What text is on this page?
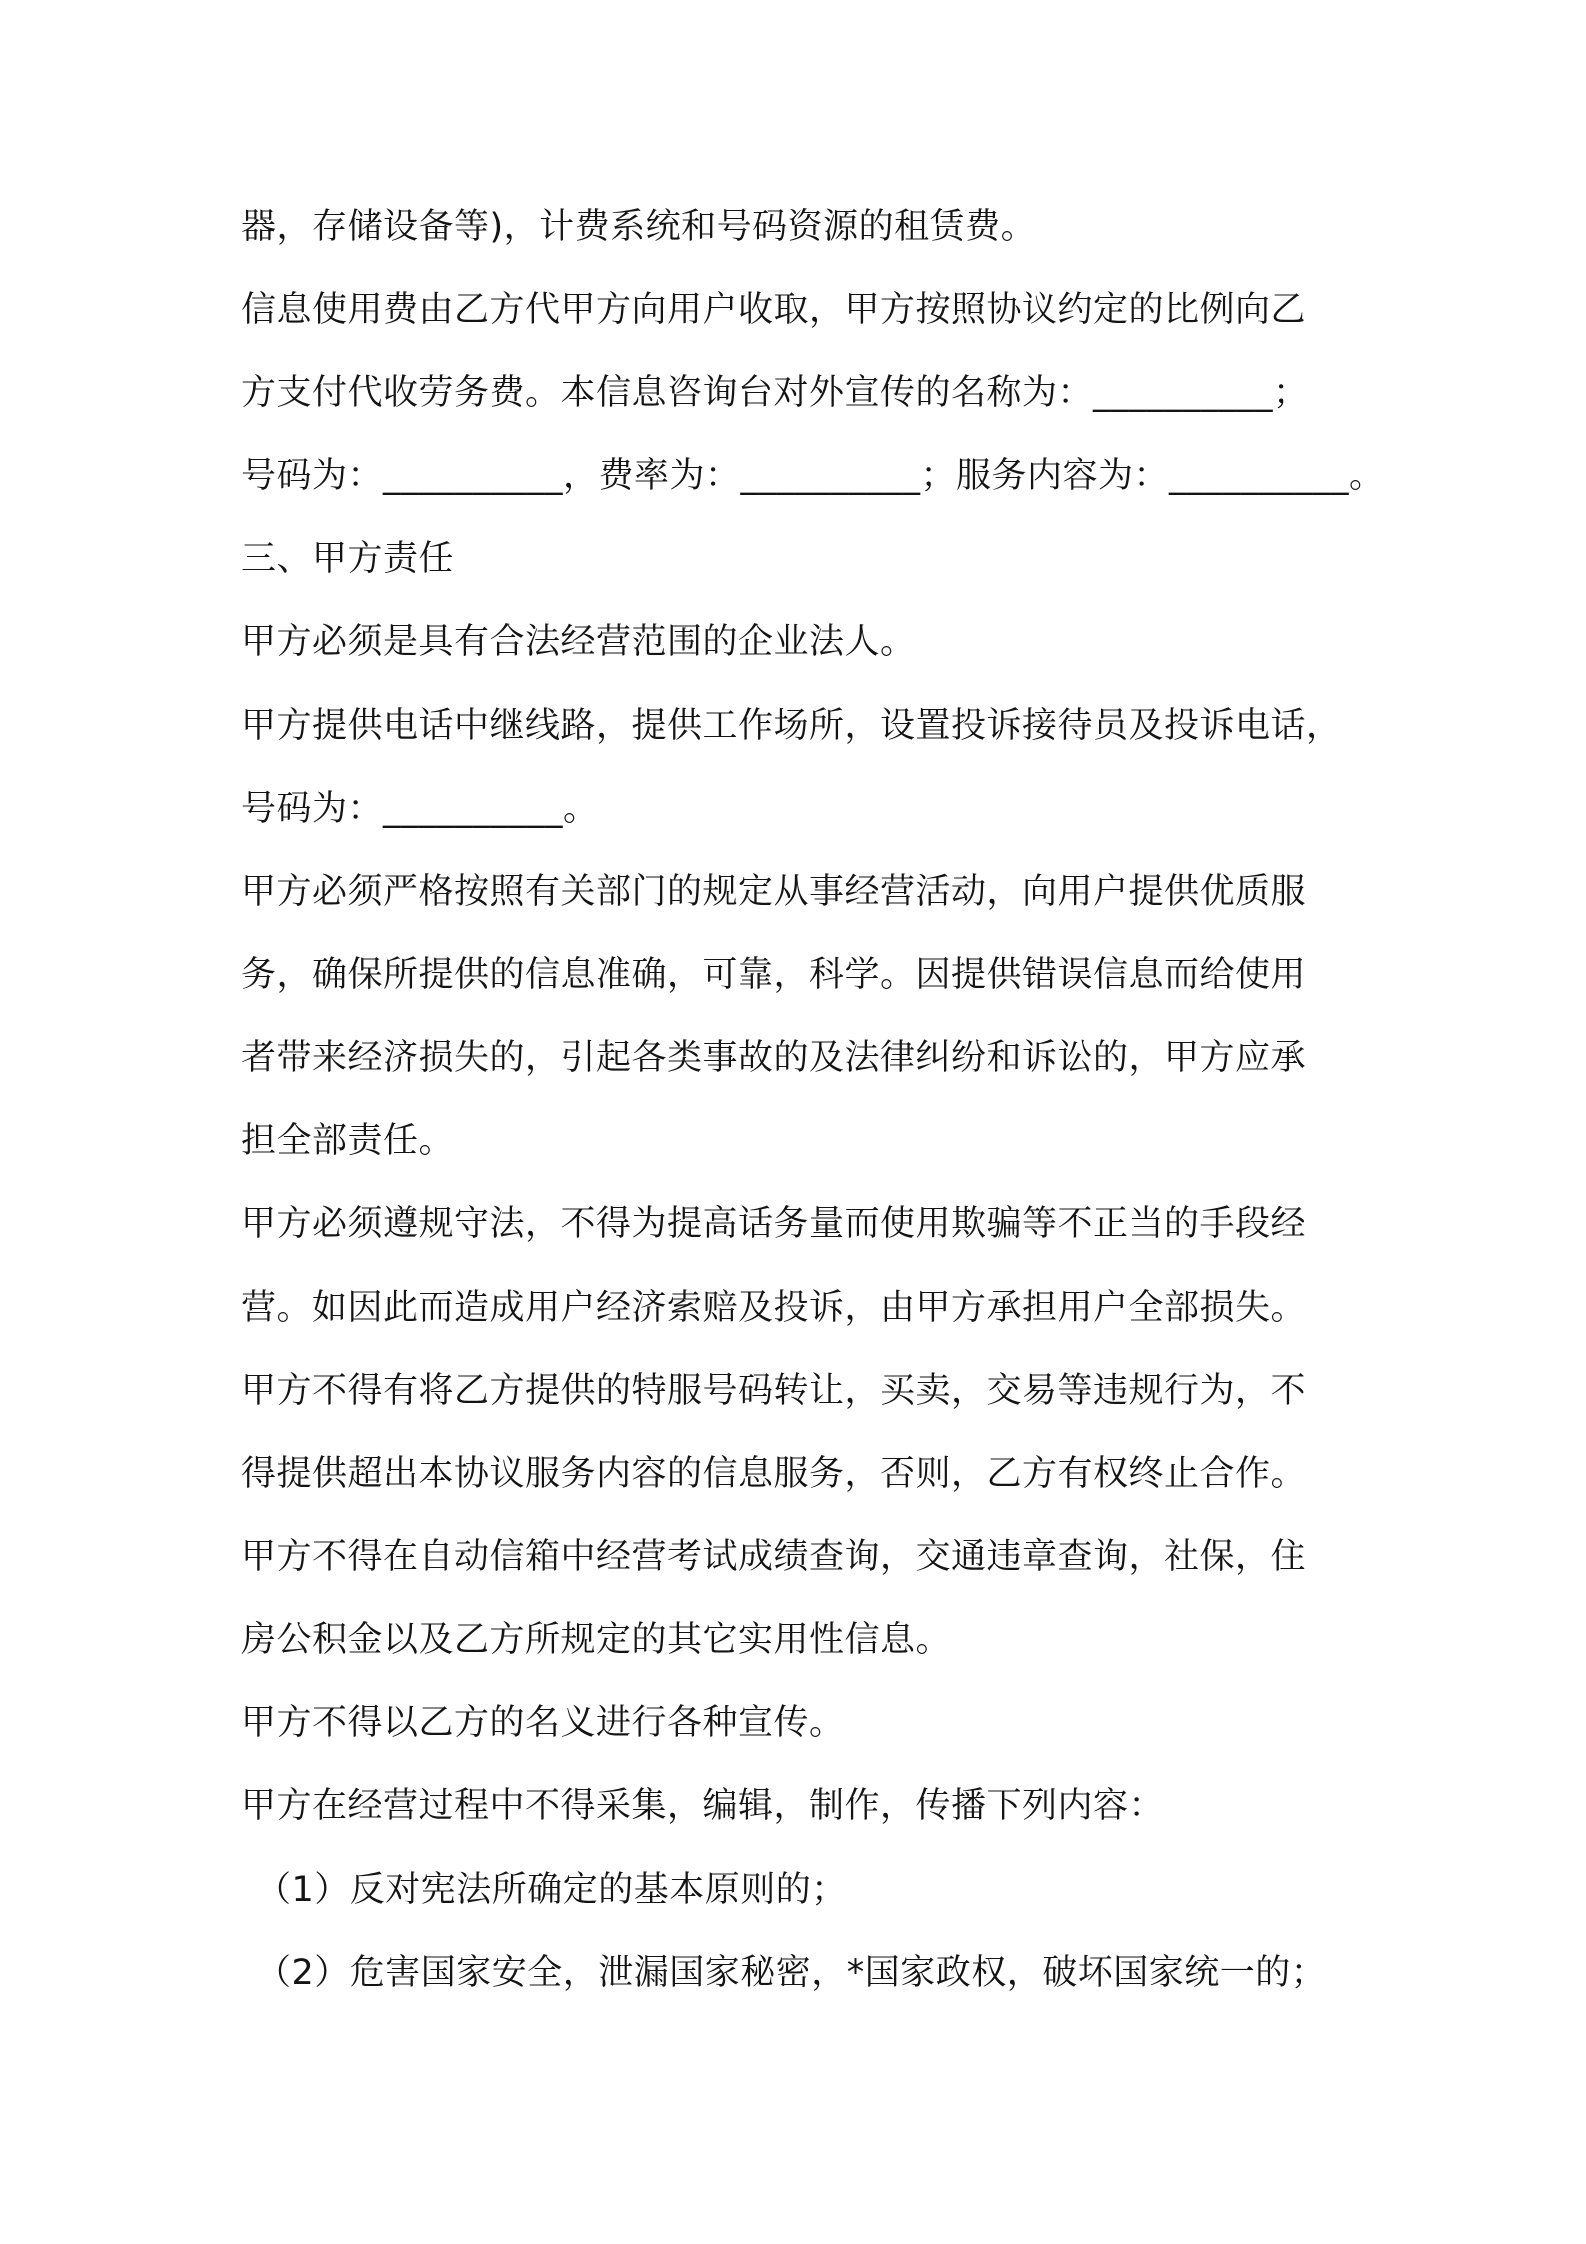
器，存储设备等)，计费系统和号码资源的租赁费。
信息使用费由乙方代甲方向用户收取，甲方按照协议约定的比例向乙
方支付代收劳务费。本信息咨询台对外宣传的名称为：__________；
号码为：__________，费率为：__________；服务内容为：__________。
三、甲方责任
甲方必须是具有合法经营范围的企业法人。
甲方提供电话中继线路，提供工作场所，设置投诉接待员及投诉电话，
号码为：__________。
甲方必须严格按照有关部门的规定从事经营活动，向用户提供优质服
务，确保所提供的信息准确，可靠，科学。因提供错误信息而给使用
者带来经济损失的，引起各类事故的及法律纠纷和诉讼的，甲方应承
担全部责任。
甲方必须遵规守法，不得为提高话务量而使用欺骗等不正当的手段经
营。如因此而造成用户经济索赔及投诉，由甲方承担用户全部损失。
甲方不得有将乙方提供的特服号码转让，买卖，交易等违规行为，不
得提供超出本协议服务内容的信息服务，否则，乙方有权终止合作。
甲方不得在自动信箱中经营考试成绩查询，交通违章查询，社保，住
房公积金以及乙方所规定的其它实用性信息。
甲方不得以乙方的名义进行各种宣传。
甲方在经营过程中不得采集，编辑，制作，传播下列内容：
（1）反对宪法所确定的基本原则的；
（2）危害国家安全，泄漏国家秘密，*国家政权，破坏国家统一的；
